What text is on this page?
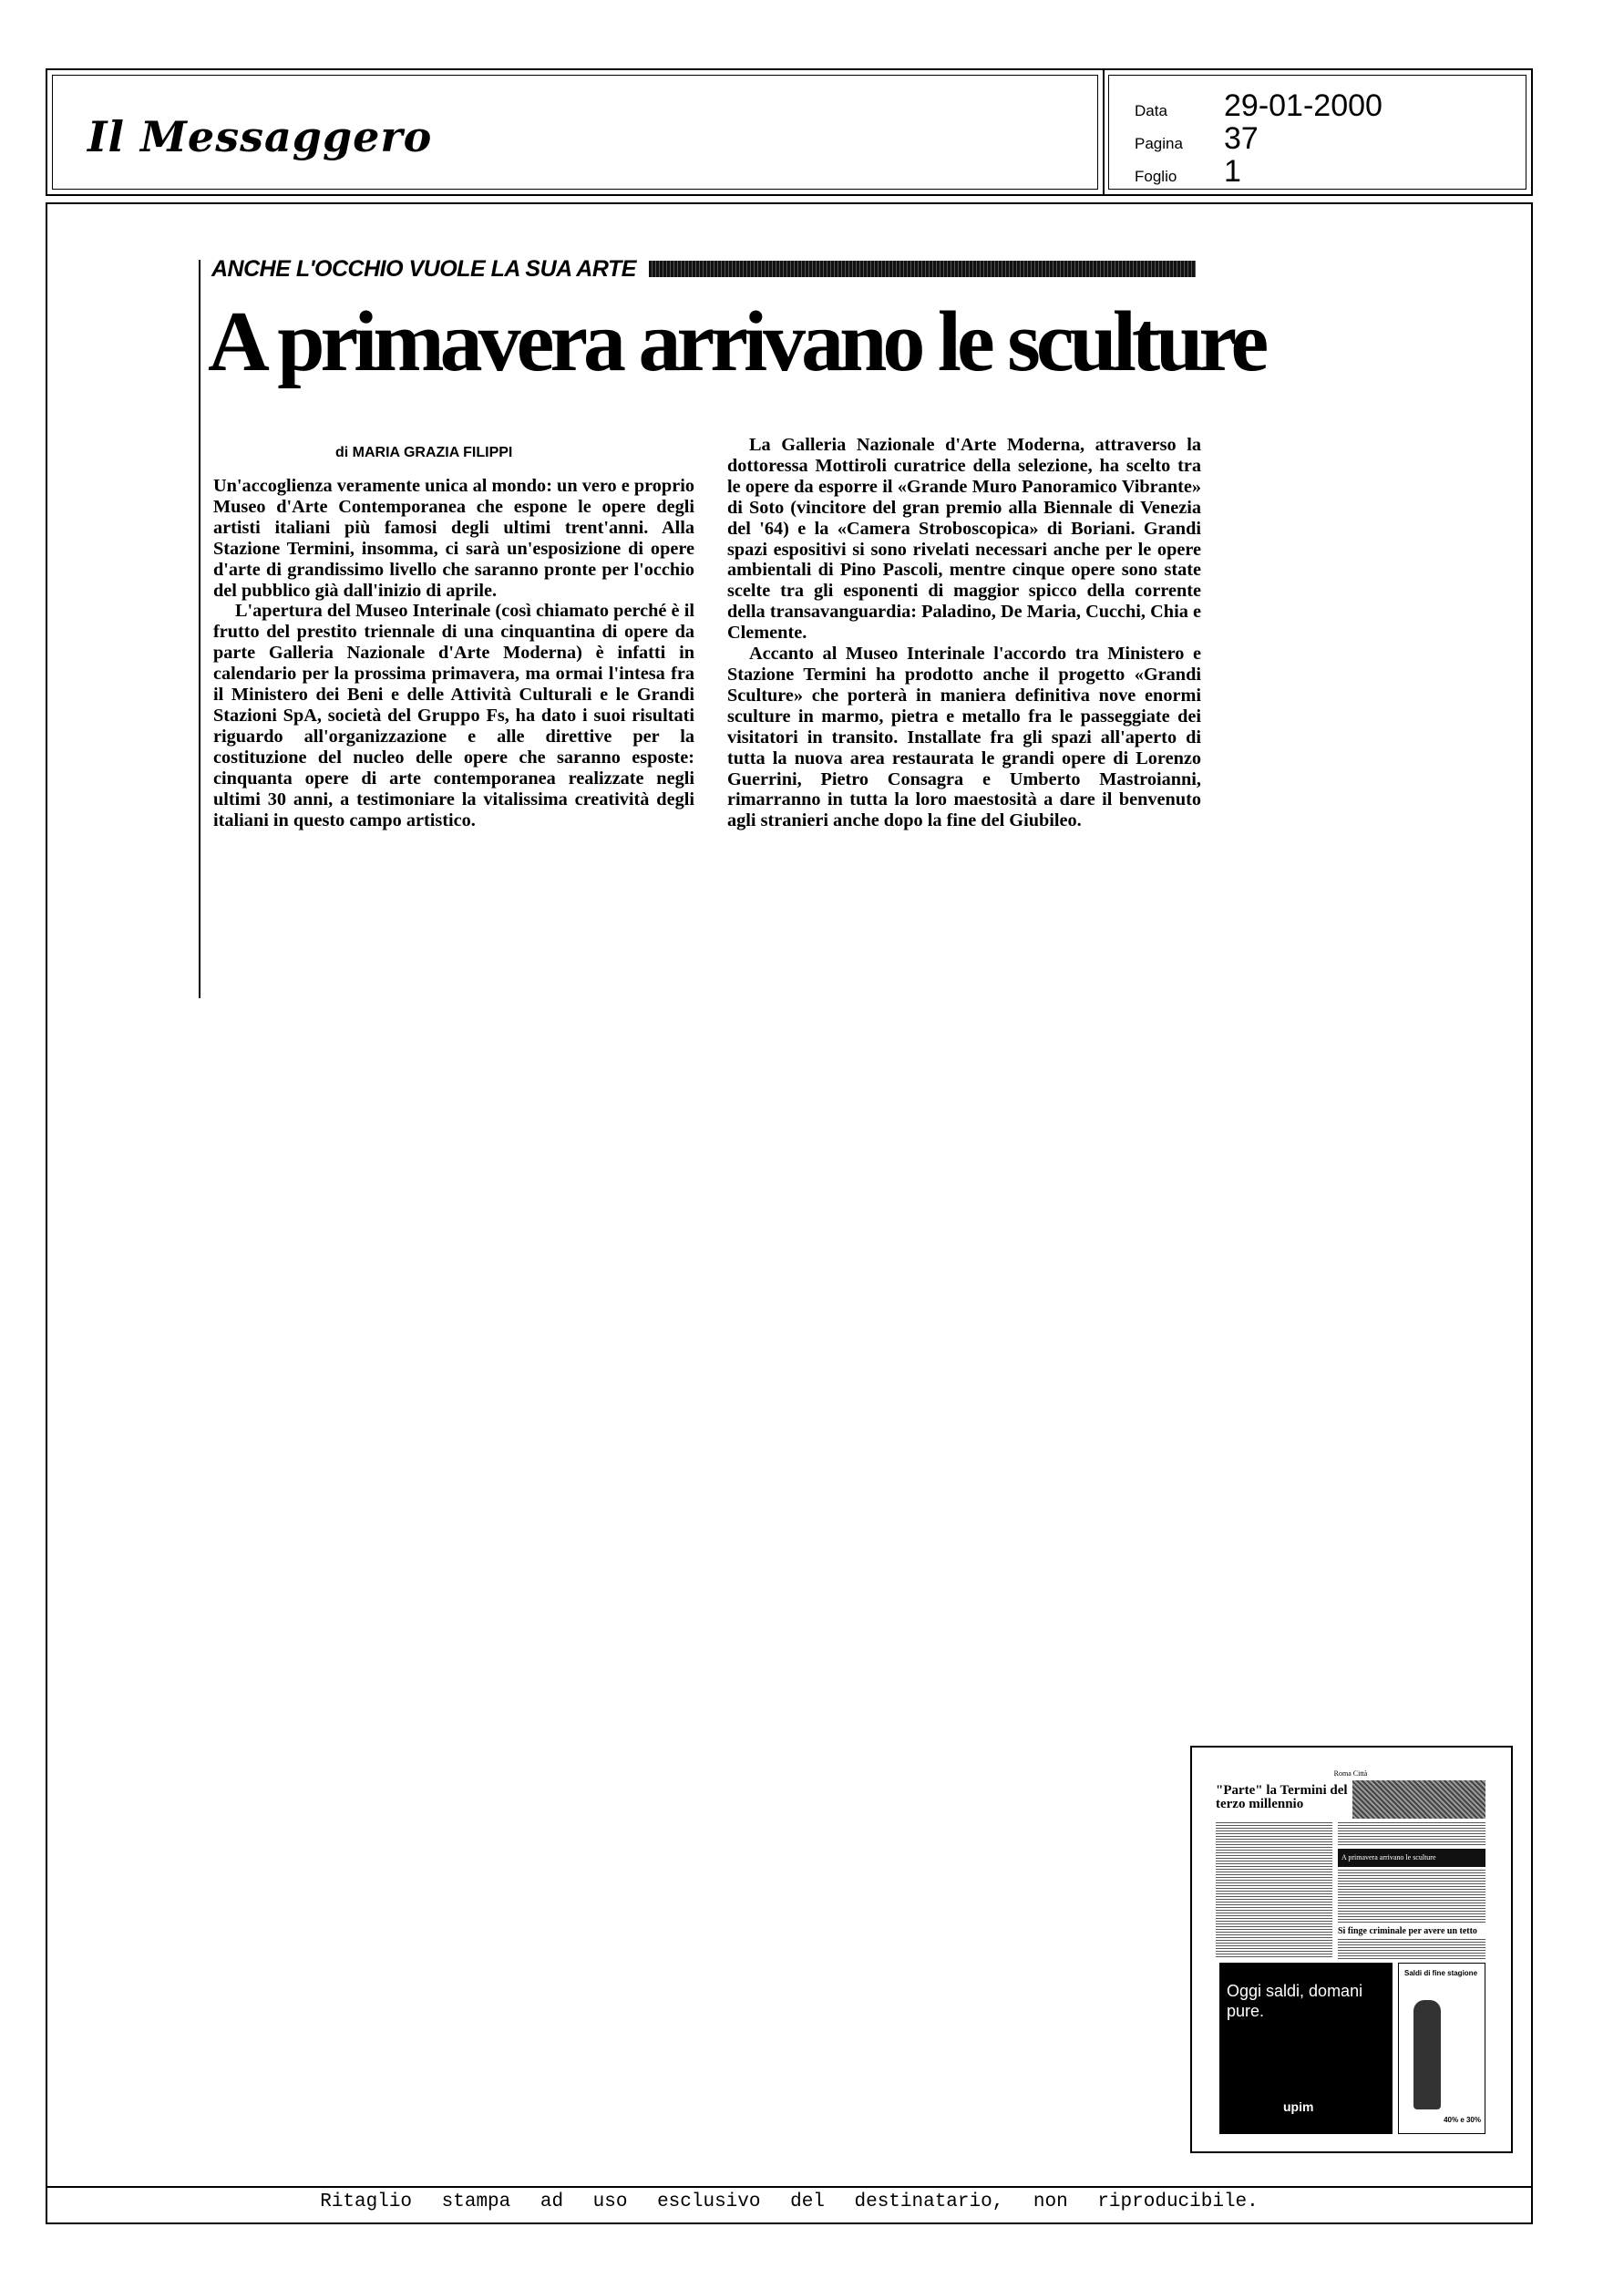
Il Messaggero
Data	29-01-2000
Pagina	37
Foglio	1
ANCHE L'OCCHIO VUOLE LA SUA ARTE
A primavera arrivano le sculture
di MARIA GRAZIA FILIPPI

Un'accoglienza veramente unica al mondo: un vero e proprio Museo d'Arte Contemporanea che espone le opere degli artisti italiani più famosi degli ultimi trent'anni. Alla Stazione Termini, insomma, ci sarà un'esposizione di opere d'arte di grandissimo livello che saranno pronte per l'occhio del pubblico già dall'inizio di aprile.

L'apertura del Museo Interinale (così chiamato perché è il frutto del prestito triennale di una cinquantina di opere da parte Galleria Nazionale d'Arte Moderna) è infatti in calendario per la prossima primavera, ma ormai l'intesa fra il Ministero dei Beni e delle Attività Culturali e le Grandi Stazioni SpA, società del Gruppo Fs, ha dato i suoi risultati riguardo all'organizzazione e alle direttive per la costituzione del nucleo delle opere che saranno esposte: cinquanta opere di arte contemporanea realizzate negli ultimi 30 anni, a testimoniare la vitalissima creatività degli italiani in questo campo artistico.

La Galleria Nazionale d'Arte Moderna, attraverso la dottoressa Mottiroli curatrice della selezione, ha scelto tra le opere da esporre il «Grande Muro Panoramico Vibrante» di Soto (vincitore del gran premio alla Biennale di Venezia del '64) e la «Camera Stroboscopica» di Boriani. Grandi spazi espositivi si sono rivelati necessari anche per le opere ambientali di Pino Pascoli, mentre cinque opere sono state scelte tra gli esponenti di maggior spicco della corrente della transavanguardia: Paladino, De Maria, Cucchi, Chia e Clemente.

Accanto al Museo Interinale l'accordo tra Ministero e Stazione Termini ha prodotto anche il progetto «Grandi Sculture» che porterà in maniera definitiva nove enormi sculture in marmo, pietra e metallo fra le passeggiate dei visitatori in transito. Installate fra gli spazi all'aperto di tutta la nuova area restaurata le grandi opere di Lorenzo Guerrini, Pietro Consagra e Umberto Mastroianni, rimarranno in tutta la loro maestosità a dare il benvenuto agli stranieri anche dopo la fine del Giubileo.

Roma Città
"Parte" la Termini del terzo millennio
A primavera arrivano le sculture
Si finge criminale per avere un tetto
Oggi saldi, domani pure.
upim
Saldi di fine stagione
40% e 30%
Ritaglio stampa ad uso esclusivo del destinatario, non riproducibile.
